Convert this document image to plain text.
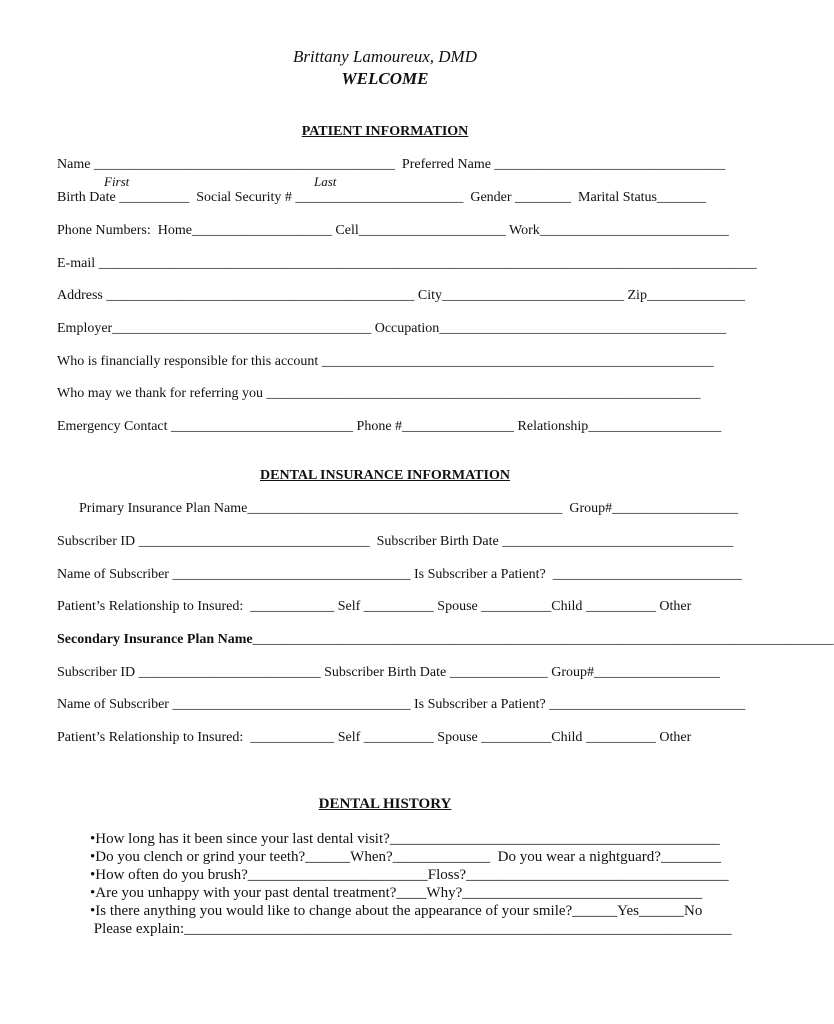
Brittany Lamoureux, DMD
WELCOME
PATIENT INFORMATION
Name ___________________________________________  Preferred Name _________________________________
First	Last
Birth Date __________  Social Security # ________________________  Gender ________  Marital Status_______
Phone Numbers:  Home____________________ Cell_____________________ Work___________________________
E-mail ______________________________________________________________________________________________
Address ____________________________________________ City__________________________ Zip______________
Employer_____________________________________ Occupation_________________________________________
Who is financially responsible for this account ________________________________________________________
Who may we thank for referring you ______________________________________________________________
Emergency Contact __________________________ Phone #________________ Relationship___________________
DENTAL INSURANCE INFORMATION
Primary Insurance Plan Name_____________________________________________  Group#__________________
Subscriber ID _________________________________  Subscriber Birth Date _________________________________
Name of Subscriber __________________________________ Is Subscriber a Patient?  ___________________________
Patient’s Relationship to Insured:  ____________ Self __________ Spouse __________Child __________ Other
Secondary Insurance Plan Name___________________________________________________________________________________
Subscriber ID __________________________ Subscriber Birth Date ______________ Group#__________________
Name of Subscriber __________________________________ Is Subscriber a Patient? ____________________________
Patient’s Relationship to Insured:  ____________ Self __________ Spouse __________Child __________ Other
DENTAL HISTORY
•How long has it been since your last dental visit?____________________________________________
•Do you clench or grind your teeth?______When?_____________  Do you wear a nightguard?________
•How often do you brush?________________________Floss?___________________________________
•Are you unhappy with your past dental treatment?____Why?________________________________
•Is there anything you would like to change about the appearance of your smile?______Yes______No
Please explain:_________________________________________________________________________
